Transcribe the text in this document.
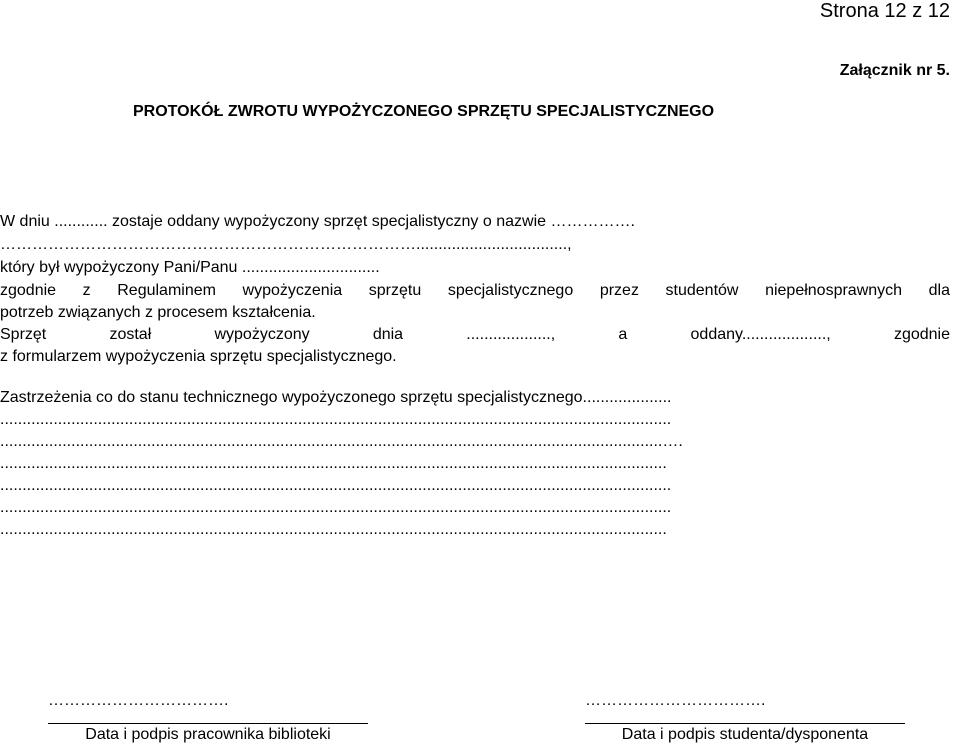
Strona 12 z 12
Załącznik nr 5.
PROTOKÓŁ ZWROTU WYPOŻYCZONEGO SPRZĘTU SPECJALISTYCZNEGO
W dniu ............ zostaje oddany wypożyczony sprzęt specjalistyczny o nazwie …………….
……………………………………………………………………..................................,
który był wypożyczony Pani/Panu ...............................
zgodnie z Regulaminem wypożyczenia sprzętu specjalistycznego przez studentów niepełnosprawnych dla
potrzeb związanych z procesem kształcenia.
Sprzęt został wypożyczony dnia ..................., a oddany..................., zgodnie
z formularzem wypożyczenia sprzętu specjalistycznego.
Zastrzeżenia co do stanu technicznego wypożyczonego sprzętu specjalistycznego....................
.......................................................................................................................................................
.....................................................................................................................................................….
......................................................................................................................................................
.......................................................................................................................................................
.......................................................................................................................................................
......................................................................................................................................................
…………………………….
Data i podpis pracownika biblioteki
…………………………….
Data i podpis studenta/dysponenta
